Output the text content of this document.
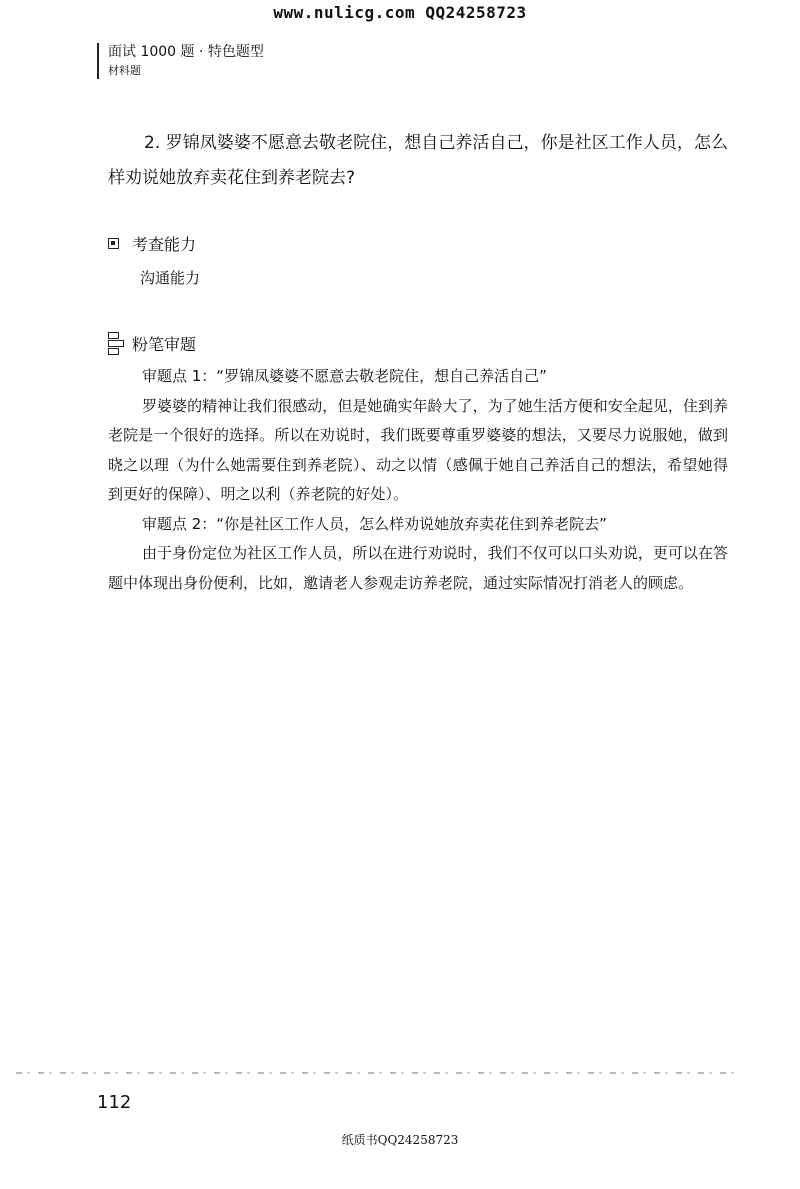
www.nulicg.com QQ24258723
面试 1000 题 · 特色题型
材料题
2. 罗锦凤婆婆不愿意去敬老院住，想自己养活自己，你是社区工作人员，怎么样劝说她放弃卖花住到养老院去?
考查能力
沟通能力
粉笔审题

审题点 1：“罗锦凤婆婆不愿意去敬老院住，想自己养活自己”

罗婆婆的精神让我们很感动，但是她确实年龄大了，为了她生活方便和安全起见，住到养老院是一个很好的选择。所以在劝说时，我们既要尊重罗婆婆的想法，又要尽力说服她，做到晓之以理（为什么她需要住到养老院）、动之以情（感佩于她自己养活自己的想法，希望她得到更好的保障）、明之以利（养老院的好处）。

审题点 2：“你是社区工作人员，怎么样劝说她放弃卖花住到养老院去”

由于身份定位为社区工作人员，所以在进行劝说时，我们不仅可以口头劝说，更可以在答题中体现出身份便利，比如，邀请老人参观走访养老院，通过实际情况打消老人的顾虑。

112
纸质书QQ24258723
